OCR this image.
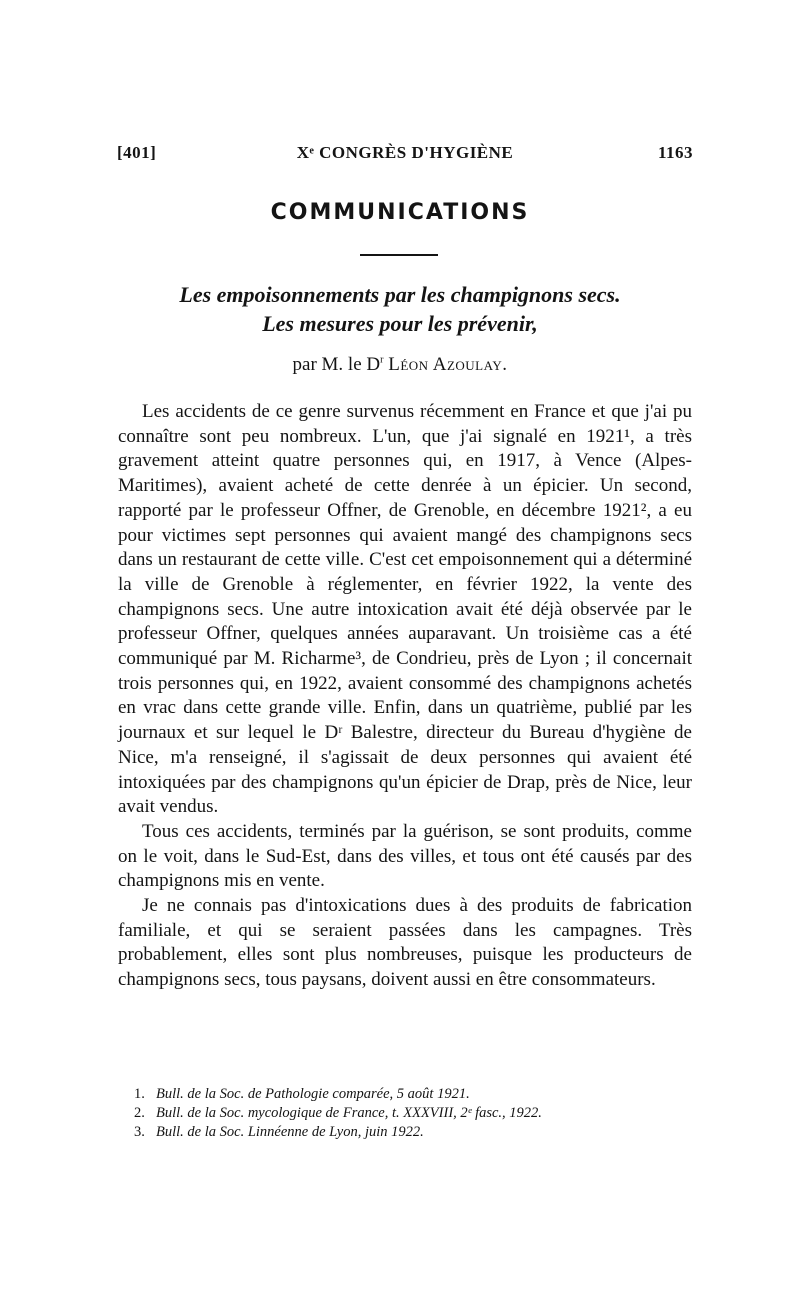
[401]	Xᵉ CONGRÈS D'HYGIÈNE	1163
COMMUNICATIONS
Les empoisonnements par les champignons secs.
Les mesures pour les prévenir,
par M. le $D^r$ Léon Azoulay.

Les accidents de ce genre survenus récemment en France et que j'ai pu connaître sont peu nombreux. L'un, que j'ai signalé en 1921¹, a très gravement atteint quatre personnes qui, en 1917, à Vence (Alpes-Maritimes), avaient acheté de cette denrée à un épicier. Un second, rapporté par le professeur Offner, de Grenoble, en décembre 1921², a eu pour victimes sept personnes qui avaient mangé des champignons secs dans un restaurant de cette ville. C'est cet empoisonnement qui a déterminé la ville de Grenoble à réglementer, en février 1922, la vente des champignons secs. Une autre intoxication avait été déjà observée par le professeur Offner, quelques années auparavant. Un troisième cas a été communiqué par M. Richarme³, de Condrieu, près de Lyon ; il concernait trois personnes qui, en 1922, avaient consommé des champignons achetés en vrac dans cette grande ville. Enfin, dans un quatrième, publié par les journaux et sur lequel le Dʳ Balestre, directeur du Bureau d'hygiène de Nice, m'a renseigné, il s'agissait de deux personnes qui avaient été intoxiquées par des champignons qu'un épicier de Drap, près de Nice, leur avait vendus.

Tous ces accidents, terminés par la guérison, se sont produits, comme on le voit, dans le Sud-Est, dans des villes, et tous ont été causés par des champignons mis en vente.

Je ne connais pas d'intoxications dues à des produits de fabrication familiale, et qui se seraient passées dans les campagnes. Très probablement, elles sont plus nombreuses, puisque les producteurs de champignons secs, tous paysans, doivent aussi en être consommateurs.

1. Bull. de la Soc. de Pathologie comparée, 5 août 1921.
2. Bull. de la Soc. mycologique de France, t. XXXVIII, 2ᵉ fasc., 1922.
3. Bull. de la Soc. Linnéenne de Lyon, juin 1922.
